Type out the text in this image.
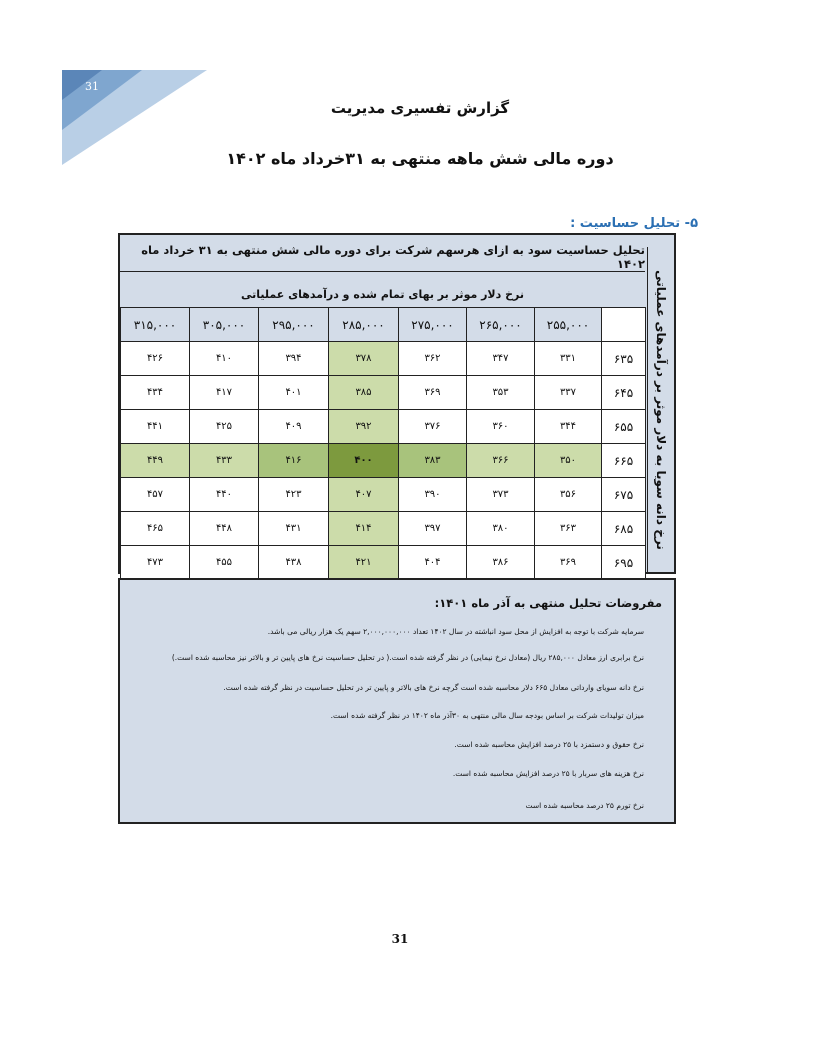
31
گزارش تفسیری مدیریت
دوره مالی شش ماهه منتهی به ۳۱خرداد ماه ۱۴۰۲
۵- تحلیل حساسیت :
نرخ دانه سویا به دلار موثر بر درآمدهای عملیاتی
تحلیل حساسیت سود به ازای هرسهم شرکت برای دوره مالی شش منتهی به ۳۱ خرداد ماه ۱۴۰۲
نرخ دلار موثر بر بهای تمام شده و درآمدهای عملیاتی
۳۱۵,۰۰۰	۳۰۵,۰۰۰	۲۹۵,۰۰۰	۲۸۵,۰۰۰	۲۷۵,۰۰۰	۲۶۵,۰۰۰	۲۵۵,۰۰۰	
۴۲۶	۴۱۰	۳۹۴	۳۷۸	۳۶۲	۳۴۷	۳۳۱	۶۳۵
۴۳۴	۴۱۷	۴۰۱	۳۸۵	۳۶۹	۳۵۳	۳۳۷	۶۴۵
۴۴۱	۴۲۵	۴۰۹	۳۹۲	۳۷۶	۳۶۰	۳۴۴	۶۵۵
۴۴۹	۴۳۳	۴۱۶	۴۰۰	۳۸۳	۳۶۶	۳۵۰	۶۶۵
۴۵۷	۴۴۰	۴۲۳	۴۰۷	۳۹۰	۳۷۳	۳۵۶	۶۷۵
۴۶۵	۴۴۸	۴۳۱	۴۱۴	۳۹۷	۳۸۰	۳۶۳	۶۸۵
۴۷۳	۴۵۵	۴۳۸	۴۲۱	۴۰۴	۳۸۶	۳۶۹	۶۹۵
مفروضات تحلیل منتهی به آذر ماه ۱۴۰۱:
سرمایه شرکت با توجه به افزایش از محل سود انباشته در سال ۱۴۰۲ تعداد ۲,۰۰۰,۰۰۰,۰۰۰ سهم یک هزار ریالی می باشد.
نرخ برابری ارز معادل ۲۸۵,۰۰۰ ریال (معادل نرخ نیمایی) در نظر گرفته شده است.( در تحلیل حساسیت نرخ های پایین تر و بالاتر نیز محاسبه شده است.)
نرخ دانه سویای وارداتی معادل ۶۶۵ دلار محاسبه شده است گرچه نرخ های بالاتر و پایین تر در تحلیل حساسیت در نظر گرفته شده است.
میزان تولیدات شرکت بر اساس بودجه سال مالی منتهی به ۳۰آذر ماه ۱۴۰۲ در نظر گرفته شده است.
نرخ حقوق و دستمزد با ۲۵ درصد افزایش محاسبه شده است.
نرخ هزینه های سربار با ۲۵ درصد افزایش محاسبه شده است.
نرخ تورم ۲۵ درصد محاسبه شده است
31
